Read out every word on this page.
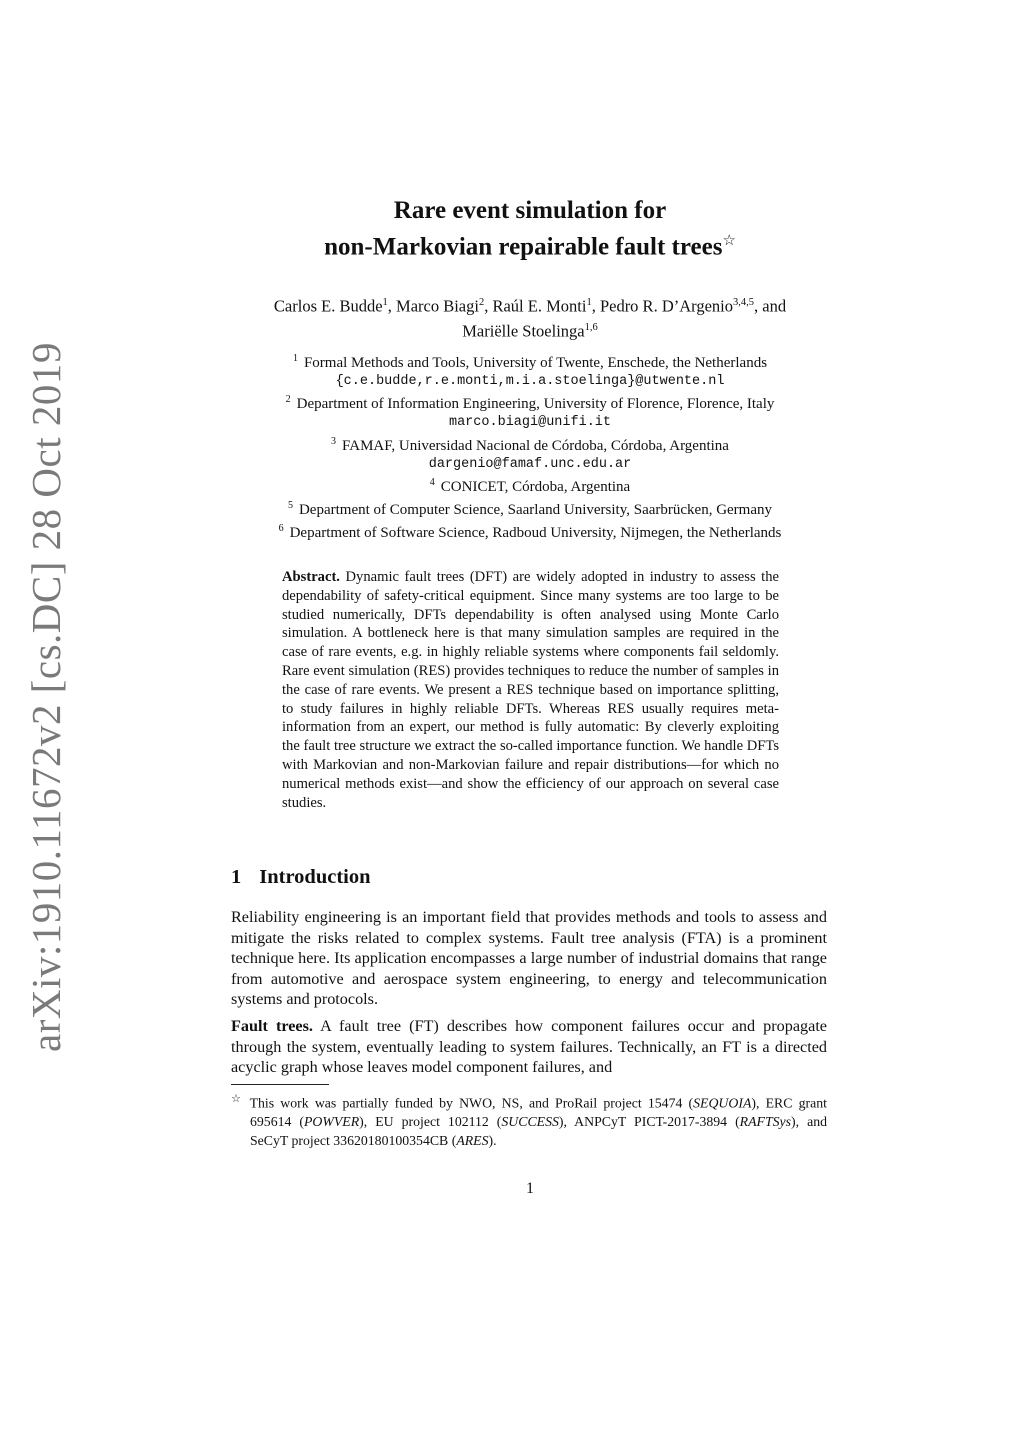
arXiv:1910.11672v2 [cs.DC] 28 Oct 2019
Rare event simulation for
non-Markovian repairable fault trees☆
Carlos E. Budde$^1$, Marco Biagi$^2$, Raúl E. Monti$^1$, Pedro R. D’Argenio$^{3,4,5}$, and
Mariëlle Stoelinga$^{1,6}$
$^1$ Formal Methods and Tools, University of Twente, Enschede, the Netherlands
{c.e.budde,r.e.monti,m.i.a.stoelinga}@utwente.nl
$^2$ Department of Information Engineering, University of Florence, Florence, Italy
marco.biagi@unifi.it
$^3$ FAMAF, Universidad Nacional de Córdoba, Córdoba, Argentina
dargenio@famaf.unc.edu.ar
$^4$ CONICET, Córdoba, Argentina
$^5$ Department of Computer Science, Saarland University, Saarbrücken, Germany
$^6$ Department of Software Science, Radboud University, Nijmegen, the Netherlands
Abstract. Dynamic fault trees (DFT) are widely adopted in industry to assess the dependability of safety-critical equipment. Since many systems are too large to be studied numerically, DFTs dependability is often analysed using Monte Carlo simulation. A bottleneck here is that many simulation samples are required in the case of rare events, e.g. in highly reliable systems where components fail seldomly. Rare event simulation (RES) provides techniques to reduce the number of samples in the case of rare events. We present a RES technique based on importance splitting, to study failures in highly reliable DFTs. Whereas RES usually requires meta-information from an expert, our method is fully automatic: By cleverly exploiting the fault tree structure we extract the so-called importance function. We handle DFTs with Markovian and non-Markovian failure and repair distributions—for which no numerical methods exist—and show the efficiency of our approach on several case studies.
1 Introduction

Reliability engineering is an important field that provides methods and tools to assess and mitigate the risks related to complex systems. Fault tree analysis (FTA) is a prominent technique here. Its application encompasses a large number of industrial domains that range from automotive and aerospace system engineering, to energy and telecommunication systems and protocols.

Fault trees. A fault tree (FT) describes how component failures occur and propagate through the system, eventually leading to system failures. Technically, an FT is a directed acyclic graph whose leaves model component failures, and

☆ This work was partially funded by NWO, NS, and ProRail project 15474 (SEQUOIA), ERC grant 695614 (POWVER), EU project 102112 (SUCCESS), ANPCyT PICT-2017-3894 (RAFTSys), and SeCyT project 33620180100354CB (ARES).
1
